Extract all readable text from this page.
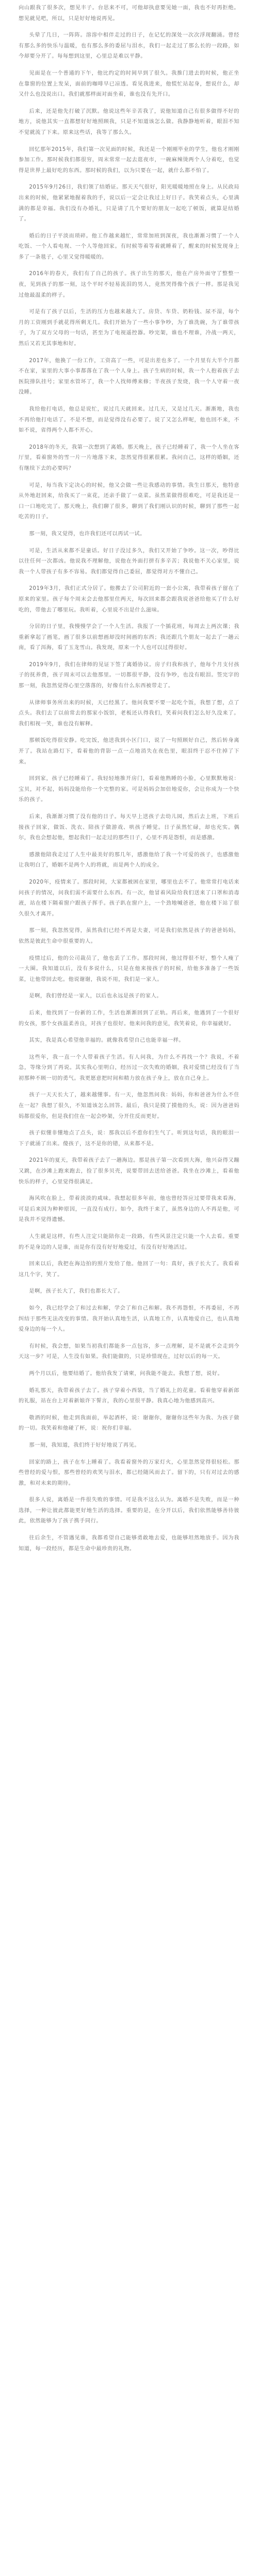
向山跟我了很多次，想见丰子。台思来不可，可他却执意要见她一面，我也不好再拒绝。想见就见吧，所以，只是好好地说再见。

头晕了几日，一阵阵。溶溶中相伴走过的日子，在记忆的深处一次次浮现翻涌。曾经有那么多的快乐与温暖，也有那么多的委屈与泪水，我们一起走过了那么长的一段路，如今却要分开了。每每想到这里，心里总是难以平静。

见面是在一个普通的下午，他比约定的时间早到了很久。我推门进去的时候，他正坐在靠窗的位置上发呆，面前的咖啡早已凉透。看见我进来，他慌忙站起身，想说什么，却又什么也没说出口。我们就那样面对面坐着，谁也没有先开口。

后来，还是他先打破了沉默。他说这些年辛苦我了，说他知道自己有很多做得不好的地方，说他其实一直都想好好地照顾我，只是不知道该怎么做。我静静地听着，眼泪不知不觉就流了下来。原来这些话，我等了那么久。

回忆那年2015年，我们第一次见面的时候，我还是一个刚刚毕业的学生，他也才刚刚参加工作。那时候我们都很穷，周末常常一起去逛夜市，一碗麻辣烫两个人分着吃，也觉得是世界上最好吃的东西。那时候的我们，以为只要在一起，就什么都不怕了。

2015年9月26日，我们领了结婚证。那天天气很好，阳光暖暖地照在身上。从民政局出来的时候，他紧紧地握着我的手，说以后一定会让我过上好日子。我笑着点头，心里满满的都是幸福。我们没有办婚礼，只是请了几个要好的朋友一起吃了顿饭，就算是结婚了。

婚后的日子平淡而琐碎。他工作越来越忙，常常加班到深夜，我也渐渐习惯了一个人吃饭、一个人看电视、一个人等他回家。有时候等着等着就睡着了，醒来的时候发现身上多了一条毯子，心里又觉得暖暖的。

2016年的春天，我们有了自己的孩子。孩子出生的那天，他在产房外面守了整整一夜，见到孩子的那一刻，这个平时不轻易流泪的男人，竟然哭得像个孩子一样。那是我见过他最温柔的样子。

可是有了孩子以后，生活的压力也越来越大了。房贷、车贷、奶粉钱、尿不湿，每个月的工资刚到手就花得所剩无几。我们开始为了一些小事争吵，为了谁洗碗，为了谁带孩子，为了双方父母的一句话，甚至为了电视遥控器。吵完架，谁也不理谁，冷战一两天，然后又若无其事地和好。

2017年，他换了一份工作，工资高了一些，可是出差也多了。一个月里有大半个月都不在家，家里的大事小事都落在了我一个人身上。孩子生病的时候，我一个人抱着孩子去医院排队挂号；家里水管坏了，我一个人找师傅来修；半夜孩子发烧，我一个人守着一夜没睡。

我给他打电话，他总是说忙，说过几天就回来。过几天，又是过几天。渐渐地，我也不再给他打电话了。不是不想，而是觉得没有必要了。说了又怎么样呢，他也回不来，不如不说，省得两个人都不开心。

2018年的冬天，我第一次想到了离婚。那天晚上，孩子已经睡着了，我一个人坐在客厅里，看着窗外的雪一片一片地落下来，忽然觉得很累很累。我问自己，这样的婚姻，还有继续下去的必要吗？

可是，每当我下定决心的时候，他又会做一些让我感动的事情。我生日那天，他特意从外地赶回来，给我买了一束花，还亲手做了一桌菜。虽然菜做得很难吃，可是我还是一口一口地吃完了。那天晚上，我们聊了很多，聊到了我们刚认识的时候，聊到了那些一起吃苦的日子。

那一刻，我又觉得，也许我们还可以再试一试。

可是，生活从来都不是童话。好日子没过多久，我们又开始了争吵。这一次，吵得比以往任何一次都凶。他说我不理解他，说他在外面打拼有多辛苦；我说他不关心家里，说我一个人带孩子有多不容易。我们都觉得自己委屈，都觉得对方不懂自己。

2019年3月，我们正式分居了。他搬去了公司附近的一套小公寓，我带着孩子留在了原来的家里。孩子每个周末会去他那里住两天，每次回来都会跟我说爸爸给他买了什么好吃的，带他去了哪里玩。我听着，心里说不出是什么滋味。

分居的日子里，我慢慢学会了一个人生活。我报了一个插花班，每周去上两次课；我重新拿起了画笔，画了很多以前想画却没时间画的东西；我还跟几个朋友一起去了一趟云南，看了洱海，看了玉龙雪山。我发现，原来一个人也可以过得很好。

2019年9月，我们在律师的见证下签了离婚协议。房子归我和孩子，他每个月支付孩子的抚养费，孩子周末可以去他那里。一切都很平静，没有争吵，也没有眼泪。签完字的那一刻，我忽然觉得心里空落落的，好像有什么东西被带走了。

从律师事务所出来的时候，天已经黑了。他问我要不要一起吃个饭，我想了想，点了点头。我们去了以前常去的那家小饭馆，老板还认得我们，笑着问我们怎么好久没来了。我们相视一笑，谁也没有解释。

那顿饭吃得很安静。吃完饭，他送我到小区门口，说了一句照顾好自己，然后转身离开了。我站在路灯下，看着他的背影一点一点地消失在夜色里，眼泪终于忍不住掉了下来。

回到家，孩子已经睡着了。我轻轻地推开房门，看着他熟睡的小脸，心里默默地说：宝贝，对不起，妈妈没能给你一个完整的家。可是妈妈会加倍地爱你，会让你成为一个快乐的孩子。

后来，我渐渐习惯了没有他的日子。每天早上送孩子去幼儿园，然后去上班，下班后接孩子回家，做饭、洗衣、陪孩子做游戏、哄孩子睡觉。日子虽然忙碌，却也充实。偶尔，我也会想起他，想起我们一起走过的那些日子，心里不再是怨恨，而是感激。

感激他陪我走过了人生中最美好的那几年，感激他给了我一个可爱的孩子，也感激他让我明白了，婚姻不是两个人的将就，而是两个人的成全。

2020年，疫情来了。那段时间，大家都被困在家里，哪里也去不了。他常常打电话来问孩子的情况，问我们需不需要什么东西。有一次，他冒着风险给我们送来了口罩和消毒液，站在楼下隔着窗户跟孩子挥手。孩子趴在窗户上，一个劲地喊爸爸，他在楼下站了很久很久才离开。

那一刻，我忽然觉得，虽然我们已经不再是夫妻，可是我们依然是孩子的爸爸妈妈，依然是彼此生命中很重要的人。

疫情过后，他的公司裁员了，他也丢了工作。那段时间，他过得很不好，整个人瘦了一大圈。我知道以后，没有多说什么，只是在他来接孩子的时候，给他多准备了一些饭菜，让他带回去吃。他说谢谢，我说不用，我们是一家人。

是啊，我们曾经是一家人，以后也永远是孩子的家人。

后来，他找到了一份新的工作，生活也渐渐回到了正轨。再后来，他遇到了一个很好的女孩，那个女孩温柔善良，对孩子也很好。他来问我的意见，我笑着说，你幸福就好。

其实，我是真心希望他幸福的。就像我希望自己也能幸福一样。

这些年，我一直一个人带着孩子生活。有人问我，为什么不再找一个？我说，不着急，等缘分到了再说。其实我心里明白，经历过一次失败的婚姻，我对爱情已经没有了当初那种不顾一切的勇气。我更愿意把时间和精力放在孩子身上，放在自己身上。

孩子一天天长大了，越来越懂事。有一天，他忽然问我：妈妈，你和爸爸为什么不住在一起？我想了很久，不知道该怎么回答。最后，我只是摸了摸他的头，说：因为爸爸妈妈都很爱你，但是我们住在一起会吵架，分开住反而更好。

孩子似懂非懂地点了点头，说：那我以后不惹你们生气了。听到这句话，我的眼泪一下子就涌了出来。傻孩子，这不是你的错，从来都不是。

2021年的夏天，我带着孩子去了一趟海边。那是孩子第一次看到大海，他兴奋得又蹦又跳，在沙滩上跑来跑去，捡了很多贝壳，说要带回去送给爸爸。我坐在沙滩上，看着他快乐的样子，心里觉得很满足。

海风吹在脸上，带着淡淡的咸味。我想起很多年前，他也曾经答应过要带我来看海，可是后来因为种种原因，一直没有成行。如今，我终于来了，虽然身边的人不再是他，可是我并不觉得遗憾。

人生就是这样，有些人注定只能陪你走一段路，有些风景注定只能一个人去看。重要的不是身边的人是谁，而是你有没有好好地爱过，有没有好好地活过。

回来以后，我把在海边拍的照片发给了他。他回了一句：真好，孩子长大了。我看着这几个字，笑了。

是啊，孩子长大了，我们也都长大了。

如今，我已经学会了和过去和解，学会了和自己和解。我不再怨恨，不再委屈，不再纠结于那些无法改变的事情。我开始认真地生活，认真地工作，认真地爱自己，也认真地爱身边的每一个人。

有时候，我会想，如果当初我们都能多一点包容，多一点理解，是不是就不会走到今天这一步？可是，人生没有如果。我们能做的，只是珍惜现在，过好以后的每一天。

两个月以后，他要结婚了。他给我发了请柬，问我能不能去。我想了想，说好。

婚礼那天，我带着孩子去了。孩子穿着小西装，当了婚礼上的花童。看着他穿着新郎的礼服，站在台上对着新娘许下誓言，我的心里很平静。我真心地为他感到高兴。

敬酒的时候，他走到我面前，举起酒杯，说：谢谢你，谢谢你这些年为我、为孩子做的一切。我笑着和他碰了杯，说：祝你们幸福。

那一刻，我知道，我们终于好好地说了再见。

回家的路上，孩子在车上睡着了。我看着窗外的万家灯火，心里忽然觉得很轻松。那些曾经的爱与恨，那些曾经的欢笑与泪水，都已经随风而去了。留下的，只有对过去的感激，和对未来的期待。

很多人说，离婚是一件很失败的事情。可是我不这么认为。离婚不是失败，而是一种选择，一种让彼此都能更好地生活的选择。重要的是，在分开以后，我们依然能够善待彼此，依然能够为了孩子携手同行。

往后余生，不管遇见谁，我都希望自己能够勇敢地去爱，也能够坦然地放手。因为我知道，每一段经历，都是生命中最珍贵的礼物。
